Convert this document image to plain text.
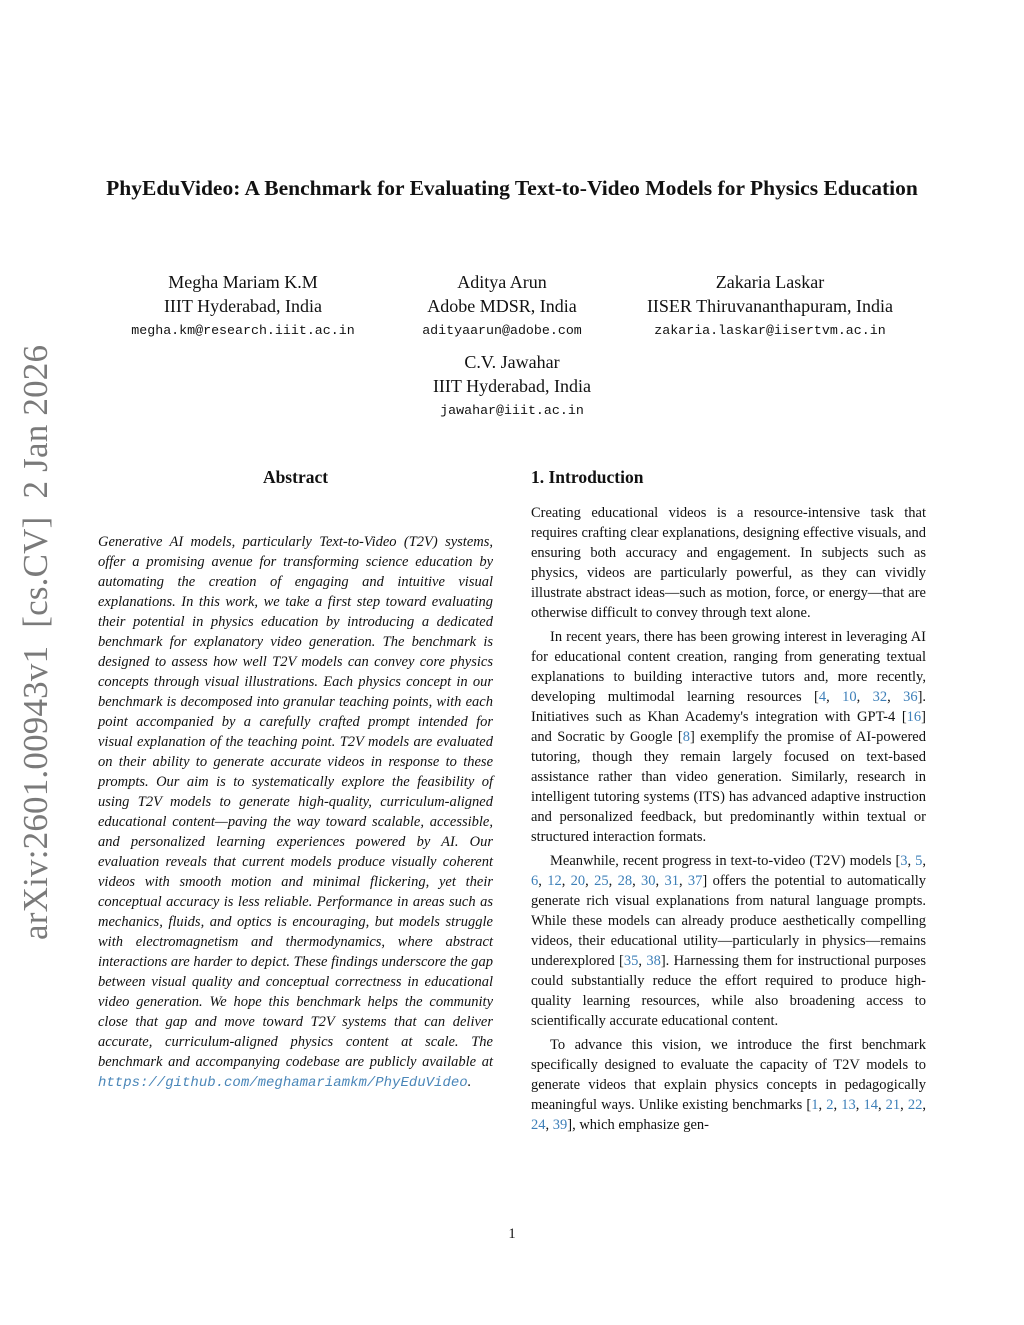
arXiv:2601.00943v1
[cs.CV]
2 Jan 2026
PhyEduVideo: A Benchmark for Evaluating Text-to-Video Models for Physics Education
Megha Mariam K.M
IIIT Hyderabad, India
megha.km@research.iiit.ac.in
Aditya Arun
Adobe MDSR, India
adityaarun@adobe.com
Zakaria Laskar
IISER Thiruvananthapuram, India
zakaria.laskar@iisertvm.ac.in
C.V. Jawahar
IIIT Hyderabad, India
jawahar@iiit.ac.in
Abstract

Generative AI models, particularly Text-to-Video (T2V) systems, offer a promising avenue for transforming science education by automating the creation of engaging and intuitive visual explanations. In this work, we take a first step toward evaluating their potential in physics education by introducing a dedicated benchmark for explanatory video generation. The benchmark is designed to assess how well T2V models can convey core physics concepts through visual illustrations. Each physics concept in our benchmark is decomposed into granular teaching points, with each point accompanied by a carefully crafted prompt intended for visual explanation of the teaching point. T2V models are evaluated on their ability to generate accurate videos in response to these prompts. Our aim is to systematically explore the feasibility of using T2V models to generate high-quality, curriculum-aligned educational content—paving the way toward scalable, accessible, and personalized learning experiences powered by AI. Our evaluation reveals that current models produce visually coherent videos with smooth motion and minimal flickering, yet their conceptual accuracy is less reliable. Performance in areas such as mechanics, fluids, and optics is encouraging, but models struggle with electromagnetism and thermodynamics, where abstract interactions are harder to depict. These findings underscore the gap between visual quality and conceptual correctness in educational video generation. We hope this benchmark helps the community close that gap and move toward T2V systems that can deliver accurate, curriculum-aligned physics content at scale. The benchmark and accompanying codebase are publicly available at https://github.com/meghamariamkm/PhyEduVideo.

1. Introduction

Creating educational videos is a resource-intensive task that requires crafting clear explanations, designing effective visuals, and ensuring both accuracy and engagement. In subjects such as physics, videos are particularly powerful, as they can vividly illustrate abstract ideas—such as motion, force, or energy—that are otherwise difficult to convey through text alone.

In recent years, there has been growing interest in leveraging AI for educational content creation, ranging from generating textual explanations to building interactive tutors and, more recently, developing multimodal learning resources [4, 10, 32, 36]. Initiatives such as Khan Academy's integration with GPT-4 [16] and Socratic by Google [8] exemplify the promise of AI-powered tutoring, though they remain largely focused on text-based assistance rather than video generation. Similarly, research in intelligent tutoring systems (ITS) has advanced adaptive instruction and personalized feedback, but predominantly within textual or structured interaction formats.

Meanwhile, recent progress in text-to-video (T2V) models [3, 5, 6, 12, 20, 25, 28, 30, 31, 37] offers the potential to automatically generate rich visual explanations from natural language prompts. While these models can already produce aesthetically compelling videos, their educational utility—particularly in physics—remains underexplored [35, 38]. Harnessing them for instructional purposes could substantially reduce the effort required to produce high-quality learning resources, while also broadening access to scientifically accurate educational content.

To advance this vision, we introduce the first benchmark specifically designed to evaluate the capacity of T2V models to generate videos that explain physics concepts in pedagogically meaningful ways. Unlike existing benchmarks [1, 2, 13, 14, 21, 22, 24, 39], which emphasize gen-

1
